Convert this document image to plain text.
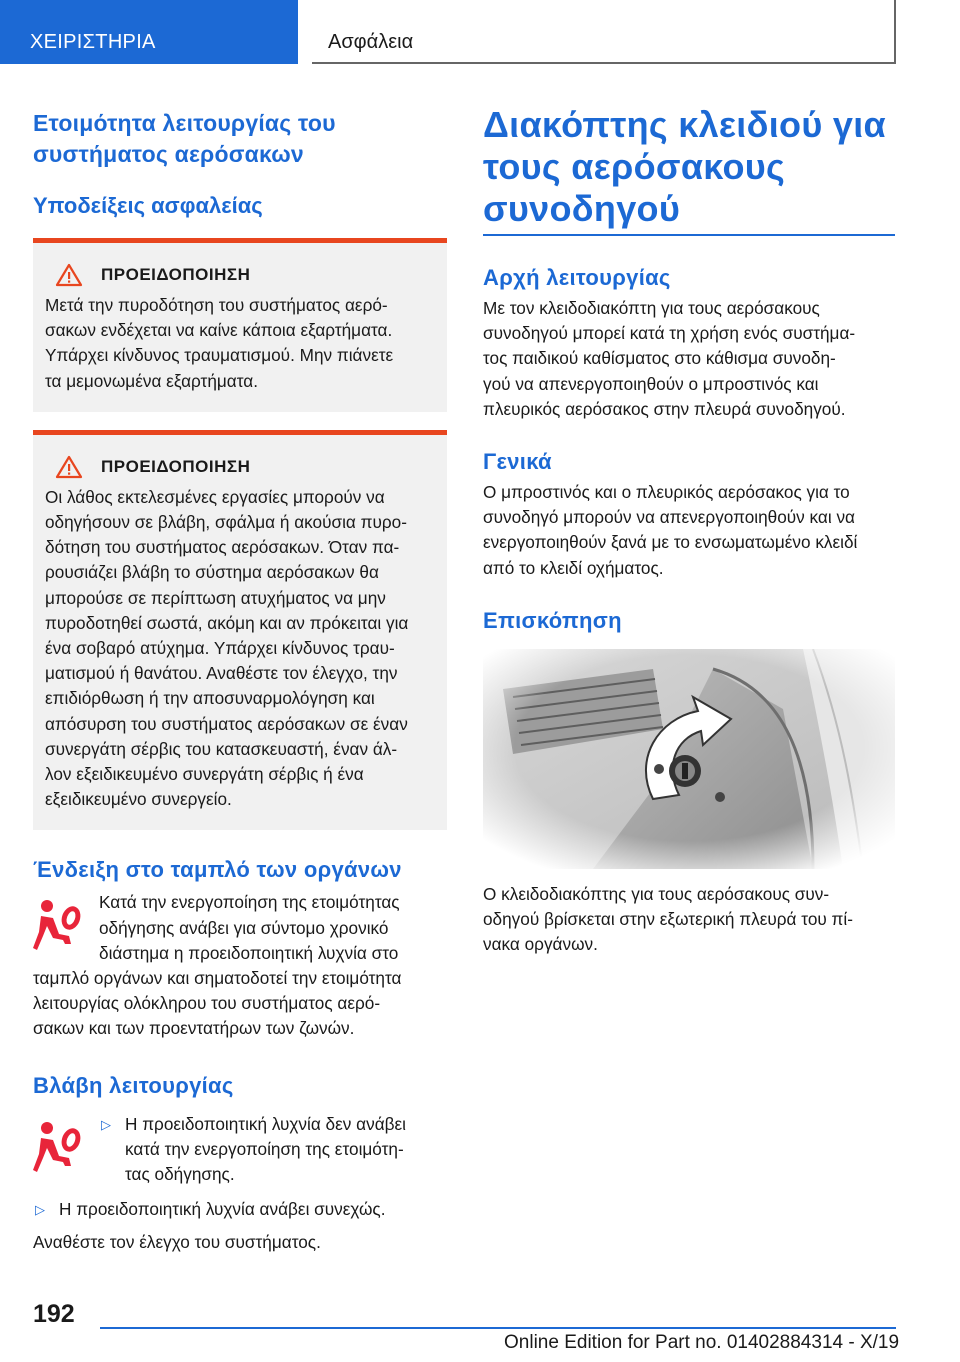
ΧΕΙΡΙΣΤΗΡΙΑ	Ασφάλεια
Ετοιμότητα λειτουργίας του συστήματος αερόσακων
Υποδείξεις ασφαλείας
ΠΡΟΕΙΔΟΠΟΙΗΣΗ

Μετά την πυροδότηση του συστήματος αερό-

σακων ενδέχεται να καίνε κάποια εξαρτήματα.

Υπάρχει κίνδυνος τραυματισμού. Μην πιάνετε

τα μεμονωμένα εξαρτήματα.

ΠΡΟΕΙΔΟΠΟΙΗΣΗ

Οι λάθος εκτελεσμένες εργασίες μπορούν να

οδηγήσουν σε βλάβη, σφάλμα ή ακούσια πυρο-

δότηση του συστήματος αερόσακων. Όταν πα-

ρουσιάζει βλάβη το σύστημα αερόσακων θα

μπορούσε σε περίπτωση ατυχήματος να μην

πυροδοτηθεί σωστά, ακόμη και αν πρόκειται για

ένα σοβαρό ατύχημα. Υπάρχει κίνδυνος τραυ-

ματισμού ή θανάτου. Αναθέστε τον έλεγχο, την

επιδιόρθωση ή την αποσυναρμολόγηση και

απόσυρση του συστήματος αερόσακων σε έναν

συνεργάτη σέρβις του κατασκευαστή, έναν άλ-

λον εξειδικευμένο συνεργάτη σέρβις ή ένα

εξειδικευμένο συνεργείο.

Ένδειξη στο ταμπλό των οργάνων

Κατά την ενεργοποίηση της ετοιμότητας

οδήγησης ανάβει για σύντομο χρονικό

διάστημα η προειδοποιητική λυχνία στο

ταμπλό οργάνων και σηματοδοτεί την ετοιμότητα

λειτουργίας ολόκληρου του συστήματος αερό-

σακων και των προεντατήρων των ζωνών.

Βλάβη λειτουργίας
▷ Η προειδοποιητική λυχνία δεν ανάβει

κατά την ενεργοποίηση της ετοιμότη-

τας οδήγησης.

▷ Η προειδοποιητική λυχνία ανάβει συνεχώς.

Αναθέστε τον έλεγχο του συστήματος.

Διακόπτης κλειδιού για
τους αερόσακους
συνοδηγού
Αρχή λειτουργίας

Με τον κλειδοδιακόπτη για τους αερόσακους

συνοδηγού μπορεί κατά τη χρήση ενός συστήμα-

τος παιδικού καθίσματος στο κάθισμα συνοδη-

γού να απενεργοποιηθούν ο μπροστινός και

πλευρικός αερόσακος στην πλευρά συνοδηγού.

Γενικά

Ο μπροστινός και ο πλευρικός αερόσακος για το

συνοδηγό μπορούν να απενεργοποιηθούν και να

ενεργοποιηθούν ξανά με το ενσωματωμένο κλειδί

από το κλειδί οχήματος.

Επισκόπηση

Ο κλειδοδιακόπτης για τους αερόσακους συν-

οδηγού βρίσκεται στην εξωτερική πλευρά του πί-

νακα οργάνων.

192
Online Edition for Part no. 01402884314 - X/19
